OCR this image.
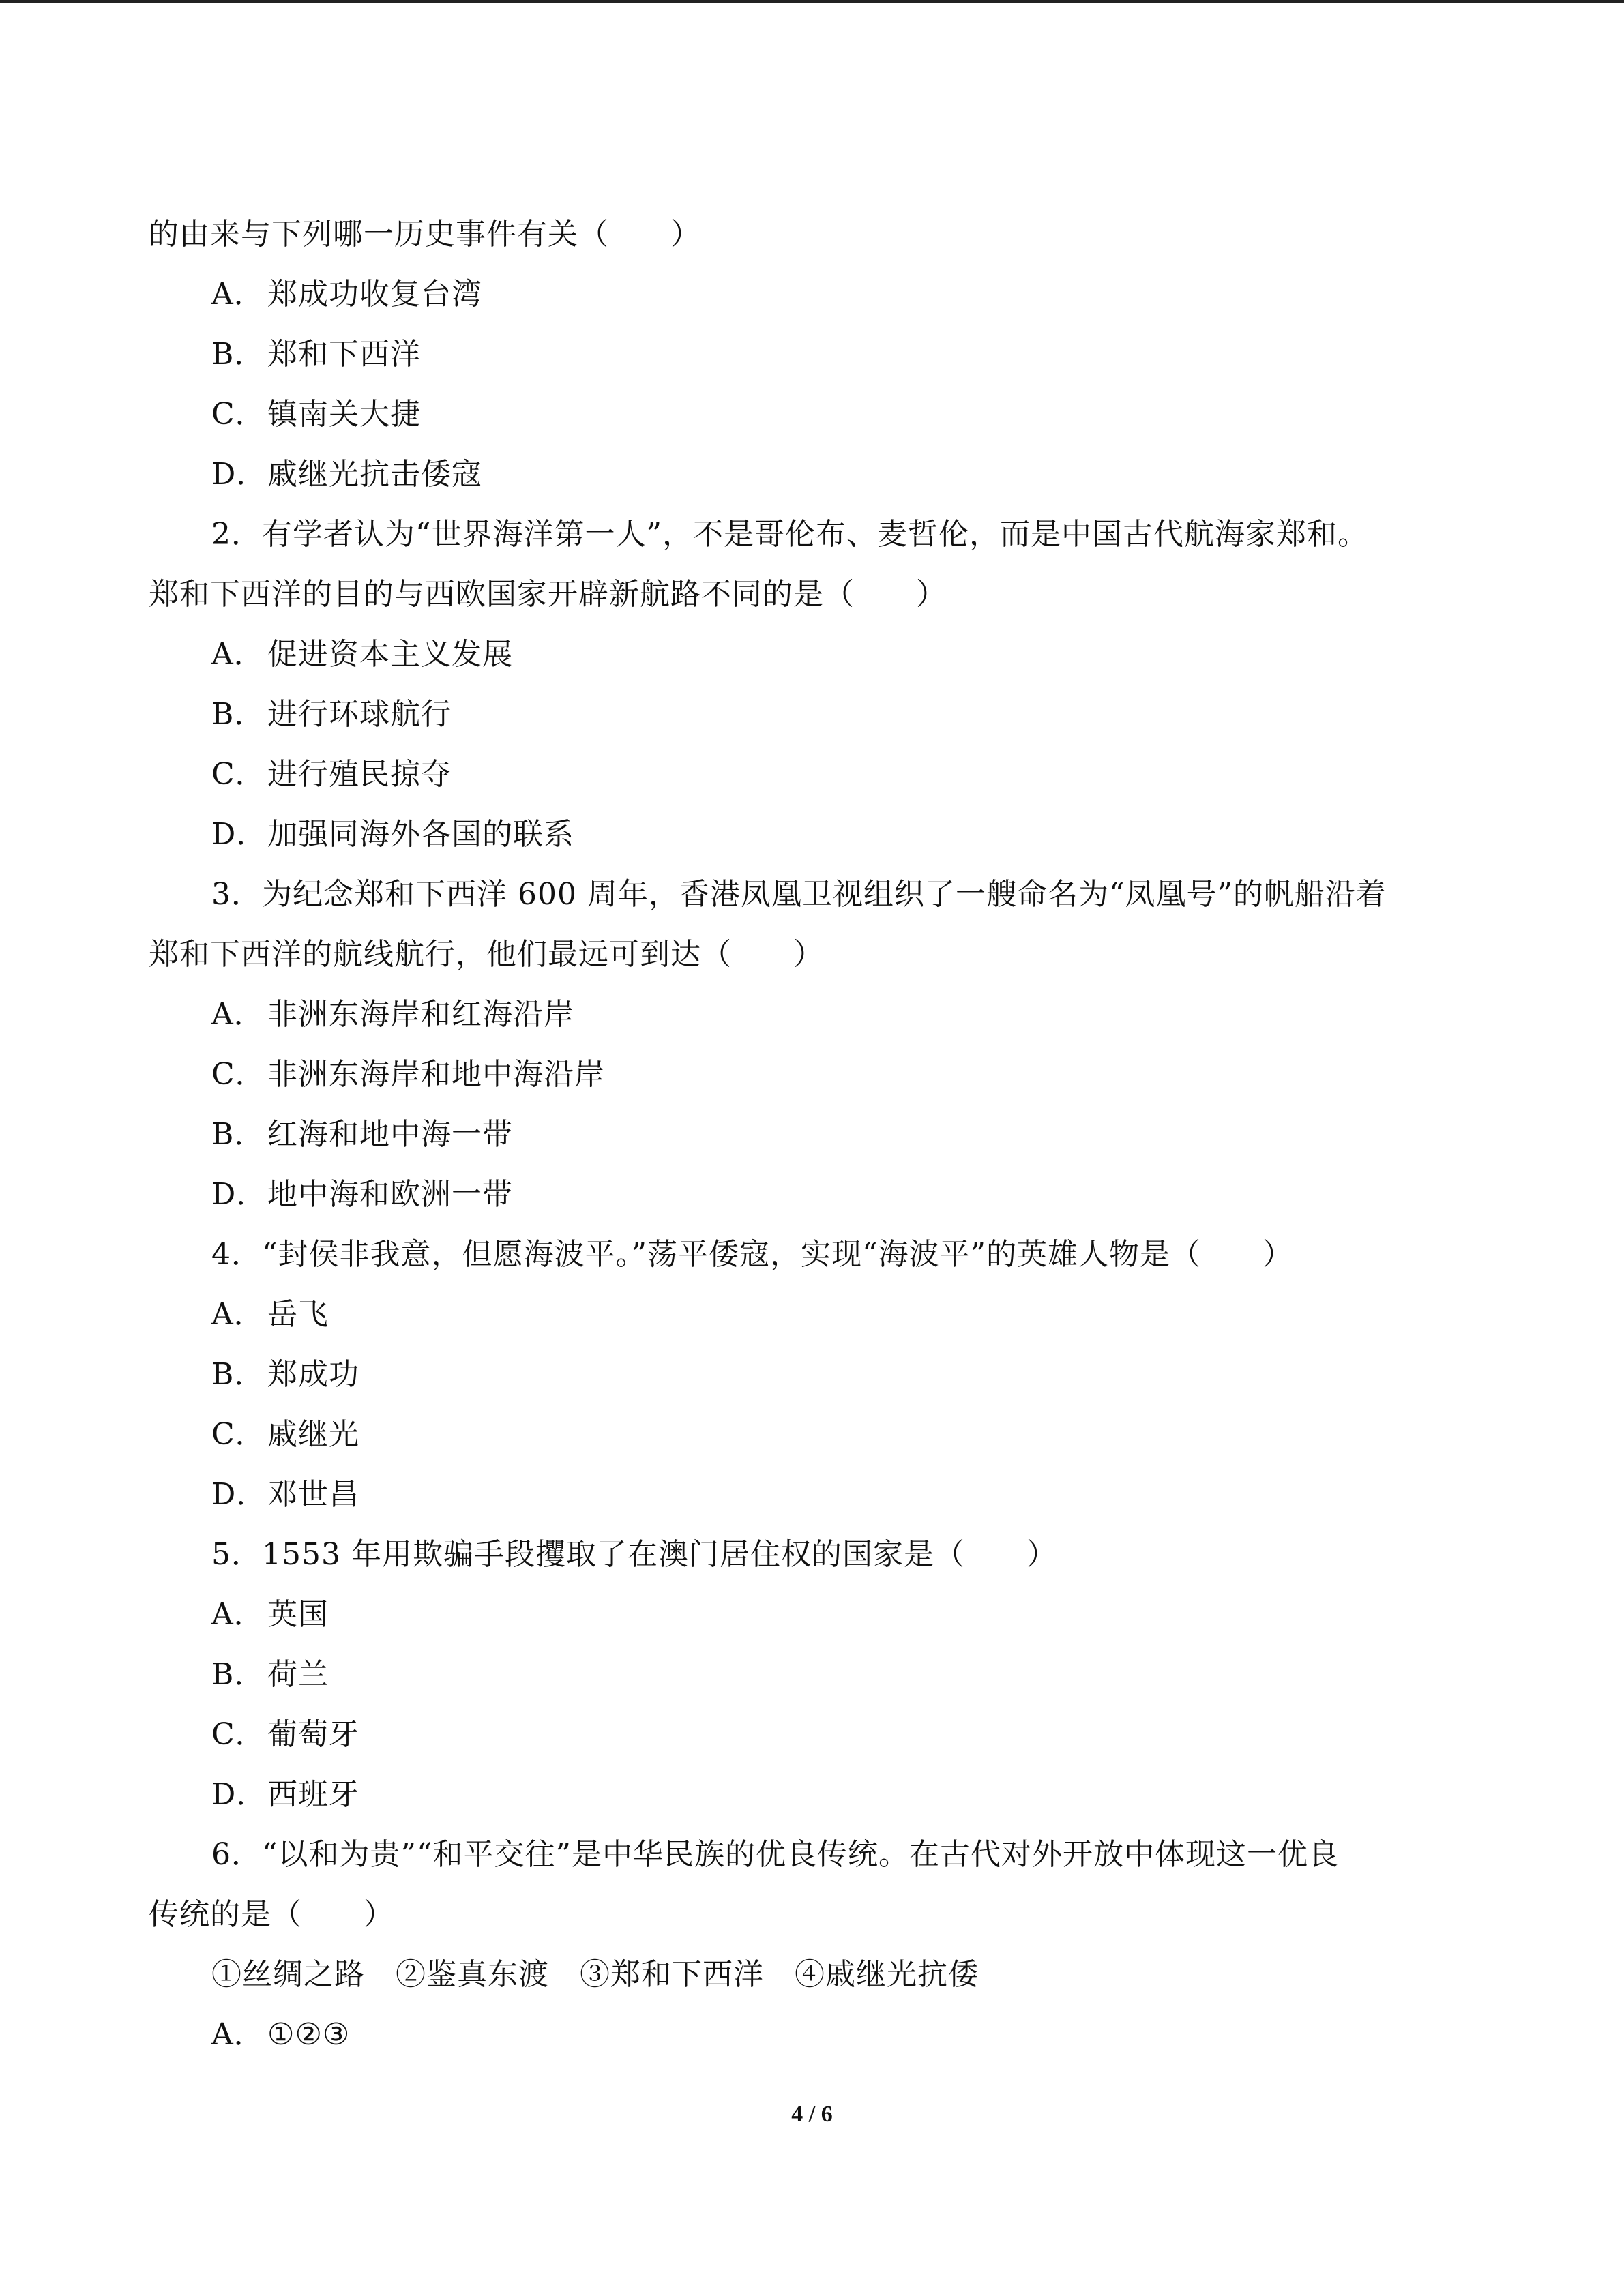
的由来与下列哪一历史事件有关（　　）
A．郑成功收复台湾
B．郑和下西洋
C．镇南关大捷
D．戚继光抗击倭寇
2．有学者认为“世界海洋第一人”，不是哥伦布、麦哲伦，而是中国古代航海家郑和。
郑和下西洋的目的与西欧国家开辟新航路不同的是（　　）
A．促进资本主义发展
B．进行环球航行
C．进行殖民掠夺
D．加强同海外各国的联系
3．为纪念郑和下西洋 600 周年，香港凤凰卫视组织了一艘命名为“凤凰号”的帆船沿着
郑和下西洋的航线航行，他们最远可到达（　　）
A．非洲东海岸和红海沿岸
C．非洲东海岸和地中海沿岸
B．红海和地中海一带
D．地中海和欧洲一带
4．“封侯非我意，但愿海波平。”荡平倭寇，实现“海波平”的英雄人物是（　　）
A．岳飞
B．郑成功
C．戚继光
D．邓世昌
5．1553 年用欺骗手段攫取了在澳门居住权的国家是（　　）
A．英国
B．荷兰
C．葡萄牙
D．西班牙
6．“以和为贵”“和平交往”是中华民族的优良传统。在古代对外开放中体现这一优良
传统的是（　　）
①丝绸之路　②鉴真东渡　③郑和下西洋　④戚继光抗倭
A．①②③
4 / 6
